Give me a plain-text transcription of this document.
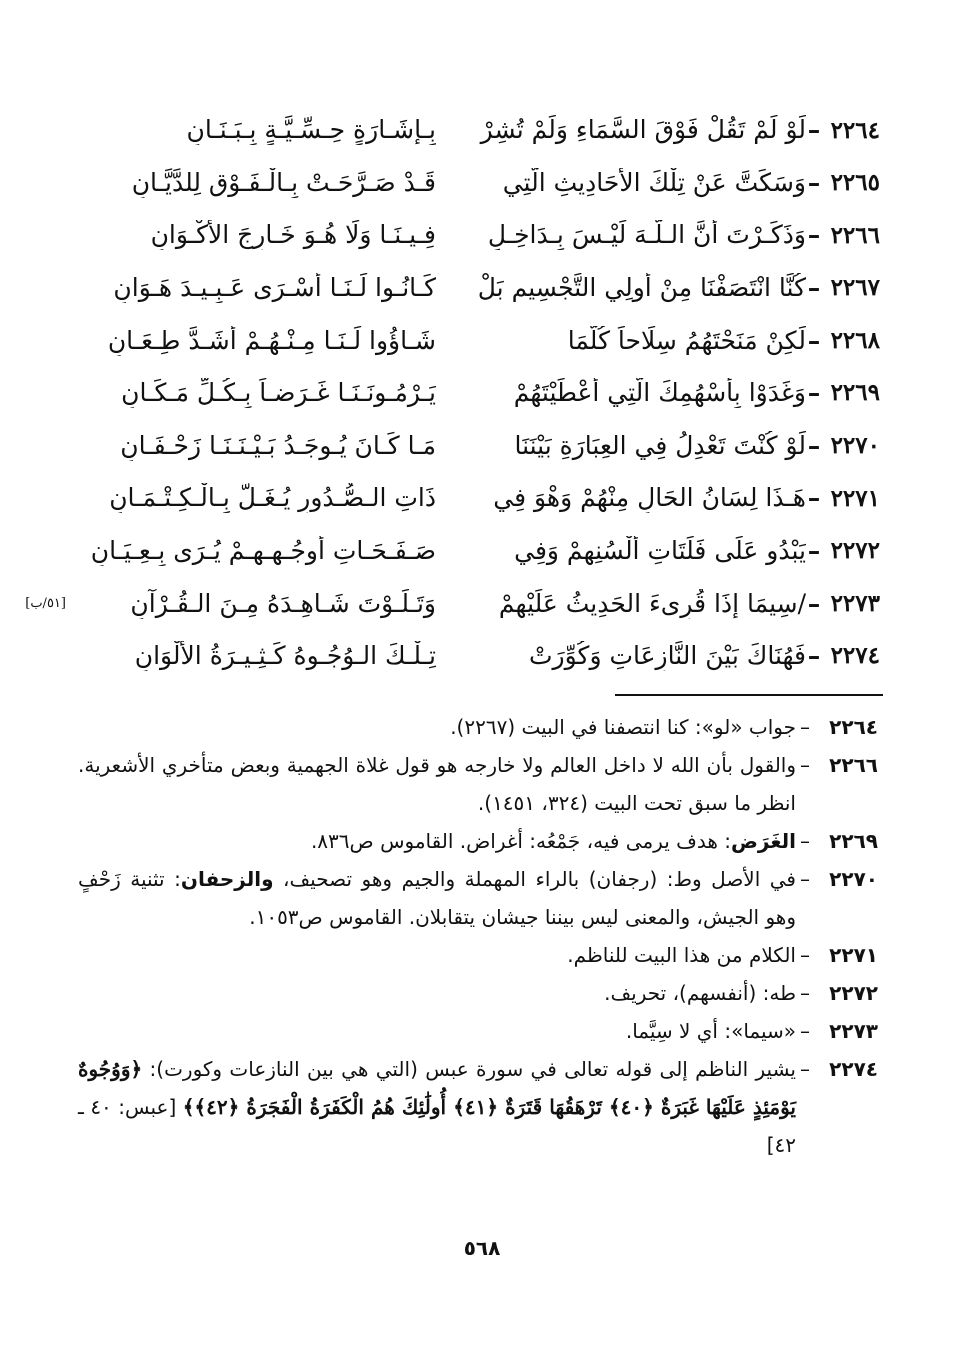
٢٢٦٤
–
لَوْ لَمْ تَقُلْ فَوْقَ السَّمَاءِ وَلَمْ تُشِرْ
بِـإِشَـارَةٍ حِـسِّـيَّـةٍ بِـبَـنَـانِ
٢٢٦٥
–
وَسَكَتَّ عَنْ تِلْكَ الأَحَادِيثِ الَّتِي
قَـدْ صَـرَّحَـتْ بِـالْـفَـوْقِ لِلدَّيَّـانِ
٢٢٦٦
–
وَذَكَـرْتَ أَنَّ الـلَّـهَ لَيْـسَ بِـدَاخِـلٍ
فِـيـنَـا وَلَا هُـوَ خَـارِجَ الأَكْـوَانِ
٢٢٦٧
–
كُنَّا انْتَصَفْنَا مِنْ أُولِي التَّجْسِيمِ بَلْ
كَـانُـوا لَـنَـا أَسْـرَى عَـبِـيـدَ هَـوَانِ
٢٢٦٨
–
لَكِنْ مَنَحْتَهُمُ سِلَاحاً كُلَّمَا
شَـاؤُوا لَـنَـا مِـنْـهُـمْ أَشَـدَّ طِـعَـانِ
٢٢٦٩
–
وَغَدَوْا بِأَسْهُمِكَ الَّتِي أَعْطَيْتَهُمْ
يَـرْمُـونَـنَـا غَـرَضـاً بِـكُـلِّ مَـكَـانِ
٢٢٧٠
–
لَوْ كُنْتَ تَعْدِلُ فِي العِبَارَةِ بَيْنَنَا
مَـا كَـانَ يُـوجَـدُ بَـيْـنَـنَـا زَحْـفَـانِ
٢٢٧١
–
هَـذَا لِسَانُ الحَالِ مِنْهُمْ وَهْوَ فِي
ذَاتِ الـصُّـدُورِ يُـغَـلُّ بِـالْـكِـتْـمَـانِ
٢٢٧٢
–
يَبْدُو عَلَى فَلَتَاتِ أَلْسُنِهِمْ وَفِي
صَـفَـحَـاتِ أَوجُـهِـهِـمْ يُـرَى بِـعِـيَـانِ
٢٢٧٣
–
/سِيمَا إِذَا قُرِىءَ الحَدِيثُ عَلَيْهِمْ
وَتَـلَـوْتَ شَـاهِـدَهُ مِـنَ الـقُـرْآنِ
[٥١/ب]
٢٢٧٤
–
فَهُنَاكَ بَيْنَ النَّازِعَاتِ وَكُوِّرَتْ
تِـلْـكَ الـوُجُـوهُ كَـثِـيـرَةُ الأَلْوَانِ
٢٢٦٤
–
جواب «لو»: كنا انتصفنا في البيت (٢٢٦٧).
٢٢٦٦
–
والقول بأن الله لا داخل العالم ولا خارجه هو قول غلاة الجهمية وبعض متأخري الأشعرية. انظر ما سبق تحت البيت (٣٢٤، ١٤٥١).
٢٢٦٩
–
الغَرَض: هدف يرمى فيه، جَمْعُه: أغراض. القاموس ص٨٣٦.
٢٢٧٠
–
في الأصل وط: (رجفان) بالراء المهملة والجيم وهو تصحيف، والزحفان: تثنية زَحْفٍ وهو الجيش، والمعنى ليس بيننا جيشان يتقابلان. القاموس ص١٠٥٣.
٢٢٧١
–
الكلام من هذا البيت للناظم.
٢٢٧٢
–
طه: (أنفسهم)، تحريف.
٢٢٧٣
–
«سيما»: أي لا سِيَّما.
٢٢٧٤
–
يشير الناظم إلى قوله تعالى في سورة عبس (التي هي بين النازعات وكورت): ﴿وَوُجُوهٌ يَوْمَئِذٍ عَلَيْهَا غَبَرَةٌ ﴿٤٠﴾ تَرْهَقُهَا قَتَرَةٌ ﴿٤١﴾ أُولَٰئِكَ هُمُ الْكَفَرَةُ الْفَجَرَةُ ﴿٤٢﴾﴾ [عبس: ٤٠ ـ ٤٢]
٥٦٨
